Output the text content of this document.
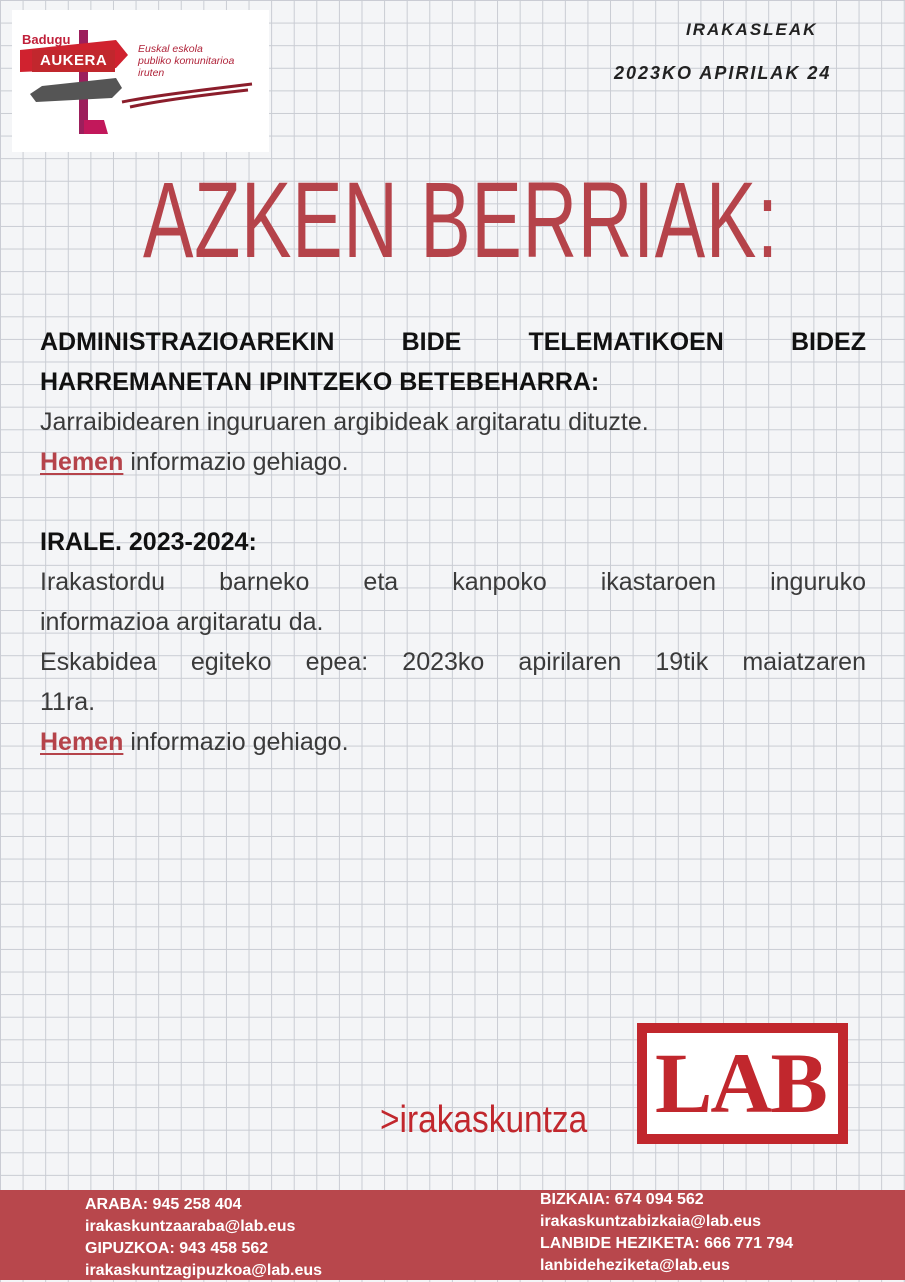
Badugu
AUKERA
Euskal eskola
publiko komunitarioa
iruten
IRAKASLEAK
2023KO APIRILAK 24
AZKEN BERRIAK:

ADMINISTRAZIOAREKIN BIDE TELEMATIKOEN BIDEZ

HARREMANETAN IPINTZEKO BETEBEHARRA:

Jarraibidearen inguruaren argibideak argitaratu dituzte.

Hemen informazio gehiago.

IRALE. 2023-2024:

Irakastordu barneko eta kanpoko ikastaroen inguruko

informazioa argitaratu da.

Eskabidea egiteko epea: 2023ko apirilaren 19tik maiatzaren

11ra.

Hemen informazio gehiago.

LAB
>irakaskuntza
ARABA: 945 258 404
irakaskuntzaaraba@lab.eus
GIPUZKOA: 943 458 562
irakaskuntzagipuzkoa@lab.eus
BIZKAIA: 674 094 562
irakaskuntzabizkaia@lab.eus
LANBIDE HEZIKETA: 666 771 794
lanbideheziketa@lab.eus
